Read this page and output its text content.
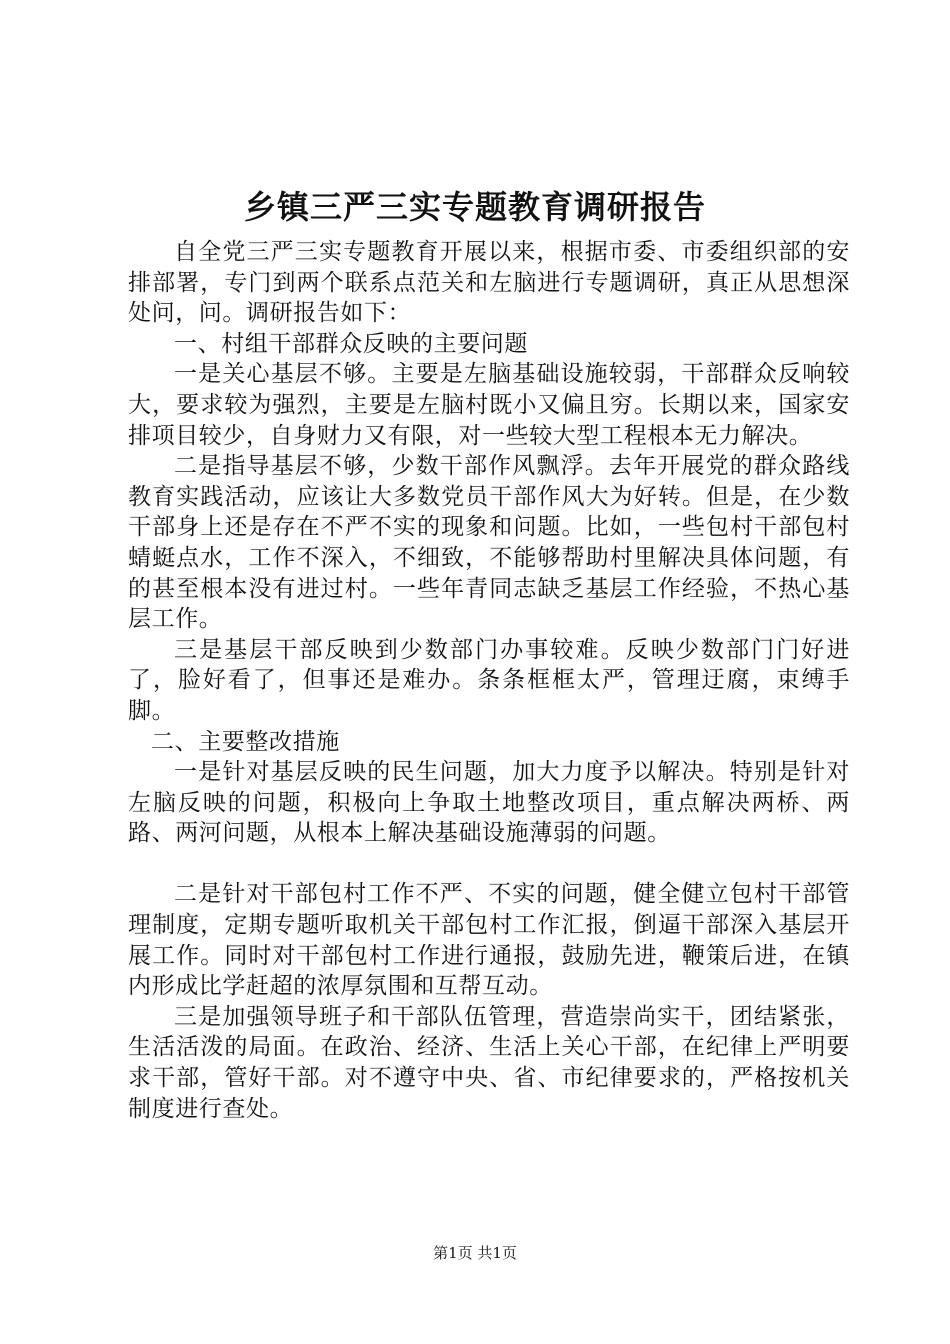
乡镇三严三实专题教育调研报告

自全党三严三实专题教育开展以来，根据市委、市委组织部的安排部署，专门到两个联系点范关和左脑进行专题调研，真正从思想深处问，问。调研报告如下：

一、村组干部群众反映的主要问题

一是关心基层不够。主要是左脑基础设施较弱，干部群众反响较大，要求较为强烈，主要是左脑村既小又偏且穷。长期以来，国家安排项目较少，自身财力又有限，对一些较大型工程根本无力解决。

二是指导基层不够，少数干部作风飘浮。去年开展党的群众路线教育实践活动，应该让大多数党员干部作风大为好转。但是，在少数干部身上还是存在不严不实的现象和问题。比如，一些包村干部包村蜻蜓点水，工作不深入，不细致，不能够帮助村里解决具体问题，有的甚至根本没有进过村。一些年青同志缺乏基层工作经验，不热心基层工作。

三是基层干部反映到少数部门办事较难。反映少数部门门好进了，脸好看了，但事还是难办。条条框框太严，管理迂腐，束缚手脚。

二、主要整改措施

一是针对基层反映的民生问题，加大力度予以解决。特别是针对左脑反映的问题，积极向上争取土地整改项目，重点解决两桥、两路、两河问题，从根本上解决基础设施薄弱的问题。

二是针对干部包村工作不严、不实的问题，健全健立包村干部管理制度，定期专题听取机关干部包村工作汇报，倒逼干部深入基层开展工作。同时对干部包村工作进行通报，鼓励先进，鞭策后进，在镇内形成比学赶超的浓厚氛围和互帮互动。

三是加强领导班子和干部队伍管理，营造崇尚实干，团结紧张，生活活泼的局面。在政治、经济、生活上关心干部，在纪律上严明要求干部，管好干部。对不遵守中央、省、市纪律要求的，严格按机关制度进行查处。

第1页 共1页
